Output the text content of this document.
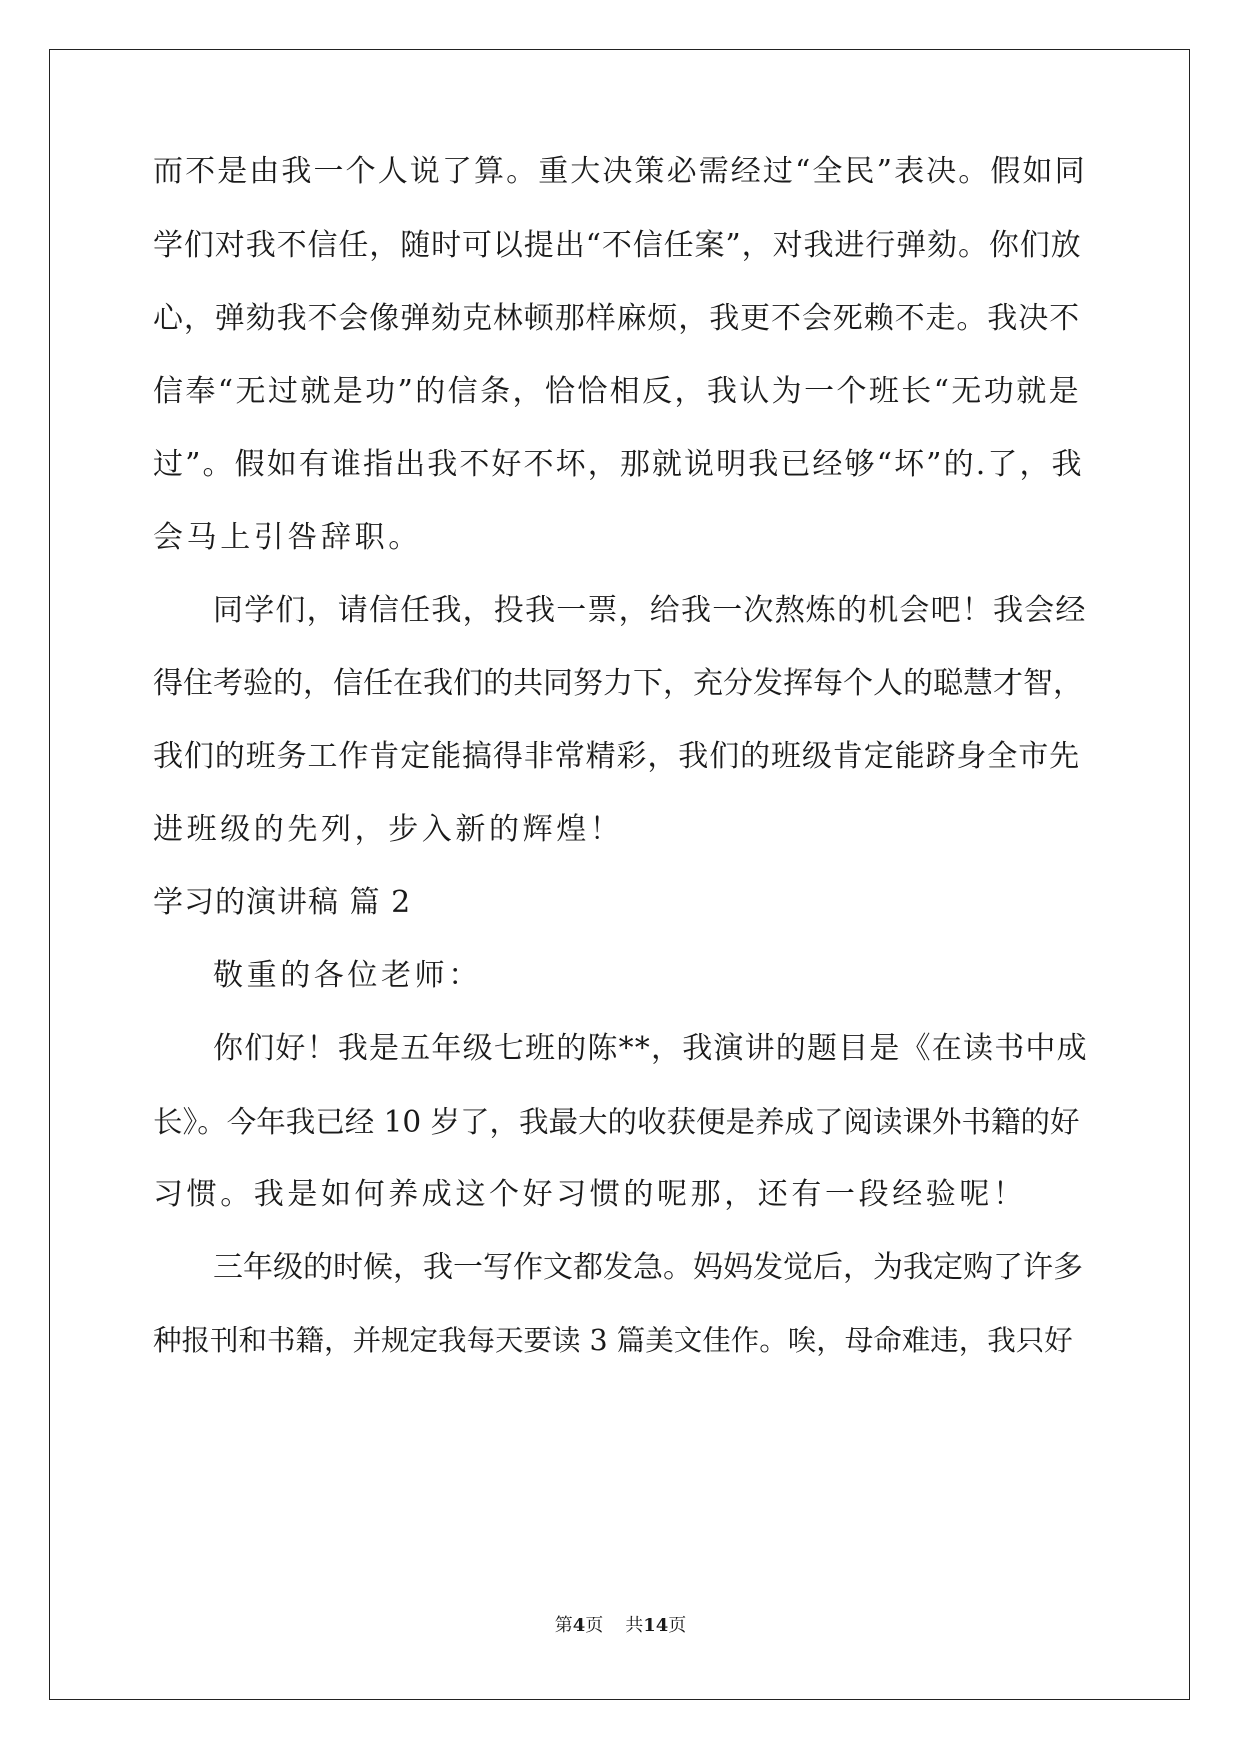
而不是由我一个人说了算。重大决策必需经过“全民”表决。假如同
学们对我不信任，随时可以提出“不信任案”，对我进行弹劾。你们放
心，弹劾我不会像弹劾克林顿那样麻烦，我更不会死赖不走。我决不
信奉“无过就是功”的信条，恰恰相反，我认为一个班长“无功就是
过”。假如有谁指出我不好不坏，那就说明我已经够“坏”的.了，我
会马上引咎辞职。
同学们，请信任我，投我一票，给我一次熬炼的机会吧！我会经
得住考验的，信任在我们的共同努力下，充分发挥每个人的聪慧才智，
我们的班务工作肯定能搞得非常精彩，我们的班级肯定能跻身全市先
进班级的先列，步入新的辉煌！
学习的演讲稿 篇 2
敬重的各位老师：
你们好！我是五年级七班的陈**，我演讲的题目是《在读书中成
长》。今年我已经 10 岁了，我最大的收获便是养成了阅读课外书籍的好
习惯。我是如何养成这个好习惯的呢那，还有一段经验呢！
三年级的时候，我一写作文都发急。妈妈发觉后，为我定购了许多
种报刊和书籍，并规定我每天要读 3 篇美文佳作。唉，母命难违，我只好
第4页 共14页
